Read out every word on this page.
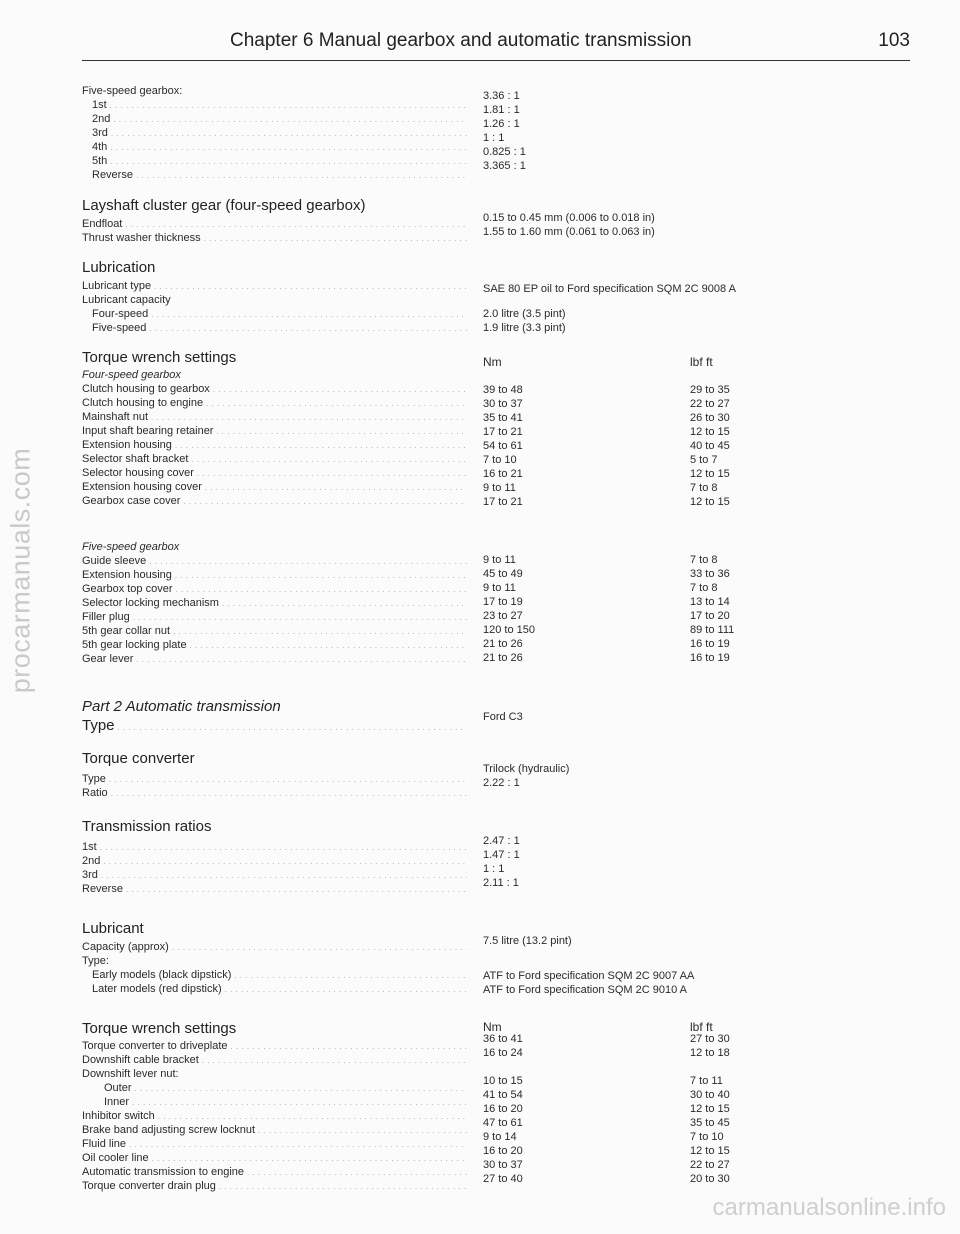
procarmanuals.com
carmanualsonline.info
Chapter 6 Manual gearbox and automatic transmission	103
Five-speed gearbox:
1st . . .
2nd . . .
3rd . . .
4th . . .
5th . . .
Reverse . . .
Layshaft cluster gear (four-speed gearbox)
Endfloat . . .
Thrust washer thickness . . .
Lubrication
Lubricant type . . .
Lubricant capacity
Four-speed . . .
Five-speed . . .
Torque wrench settings
Four-speed gearbox
Clutch housing to gearbox . . .
Clutch housing to engine . . .
Mainshaft nut . . .
Input shaft bearing retainer . . .
Extension housing . . .
Selector shaft bracket . . .
Selector housing cover . . .
Extension housing cover . . .
Gearbox case cover . . .
Five-speed gearbox
Guide sleeve . . .
Extension housing . . .
Gearbox top cover . . .
Selector locking mechanism . . .
Filler plug . . .
5th gear collar nut . . .
5th gear locking plate . . .
Gear lever . . .
Part 2 Automatic transmission
Type . . .
Torque converter
Type . . .
Ratio . . .
Transmission ratios
1st . . .
2nd . . .
3rd . . .
Reverse . . .
Lubricant
Capacity (approx) . . .
Type:
Early models (black dipstick) . . .
Later models (red dipstick) . . .
Torque wrench settings
Torque converter to driveplate . . .
Downshift cable bracket . . .
Downshift lever nut:
Outer . . .
Inner . . .
Inhibitor switch . . .
Brake band adjusting screw locknut . . .
Fluid line . . .
Oil cooler line . . .
Automatic transmission to engine . . .
Torque converter drain plug . . .
3.36 : 1
1.81 : 1
1.26 : 1
1 : 1
0.825 : 1
3.365 : 1
0.15 to 0.45 mm (0.006 to 0.018 in)
1.55 to 1.60 mm (0.061 to 0.063 in)
SAE 80 EP oil to Ford specification SQM 2C 9008 A
2.0 litre (3.5 pint)
1.9 litre (3.3 pint)
Nm
39 to 48
30 to 37
35 to 41
17 to 21
54 to 61
7 to 10
16 to 21
9 to 11
17 to 21
9 to 11
45 to 49
9 to 11
17 to 19
23 to 27
120 to 150
21 to 26
21 to 26
Ford C3
Trilock (hydraulic)
2.22 : 1
2.47 : 1
1.47 : 1
1 : 1
2.11 : 1
7.5 litre (13.2 pint)
ATF to Ford specification SQM 2C 9007 AA
ATF to Ford specification SQM 2C 9010 A
Nm
36 to 41
16 to 24
10 to 15
41 to 54
16 to 20
47 to 61
9 to 14
16 to 20
30 to 37
27 to 40
lbf ft
29 to 35
22 to 27
26 to 30
12 to 15
40 to 45
5 to 7
12 to 15
7 to 8
12 to 15
7 to 8
33 to 36
7 to 8
13 to 14
17 to 20
89 to 111
16 to 19
16 to 19
lbf ft
27 to 30
12 to 18
7 to 11
30 to 40
12 to 15
35 to 45
7 to 10
12 to 15
22 to 27
20 to 30
